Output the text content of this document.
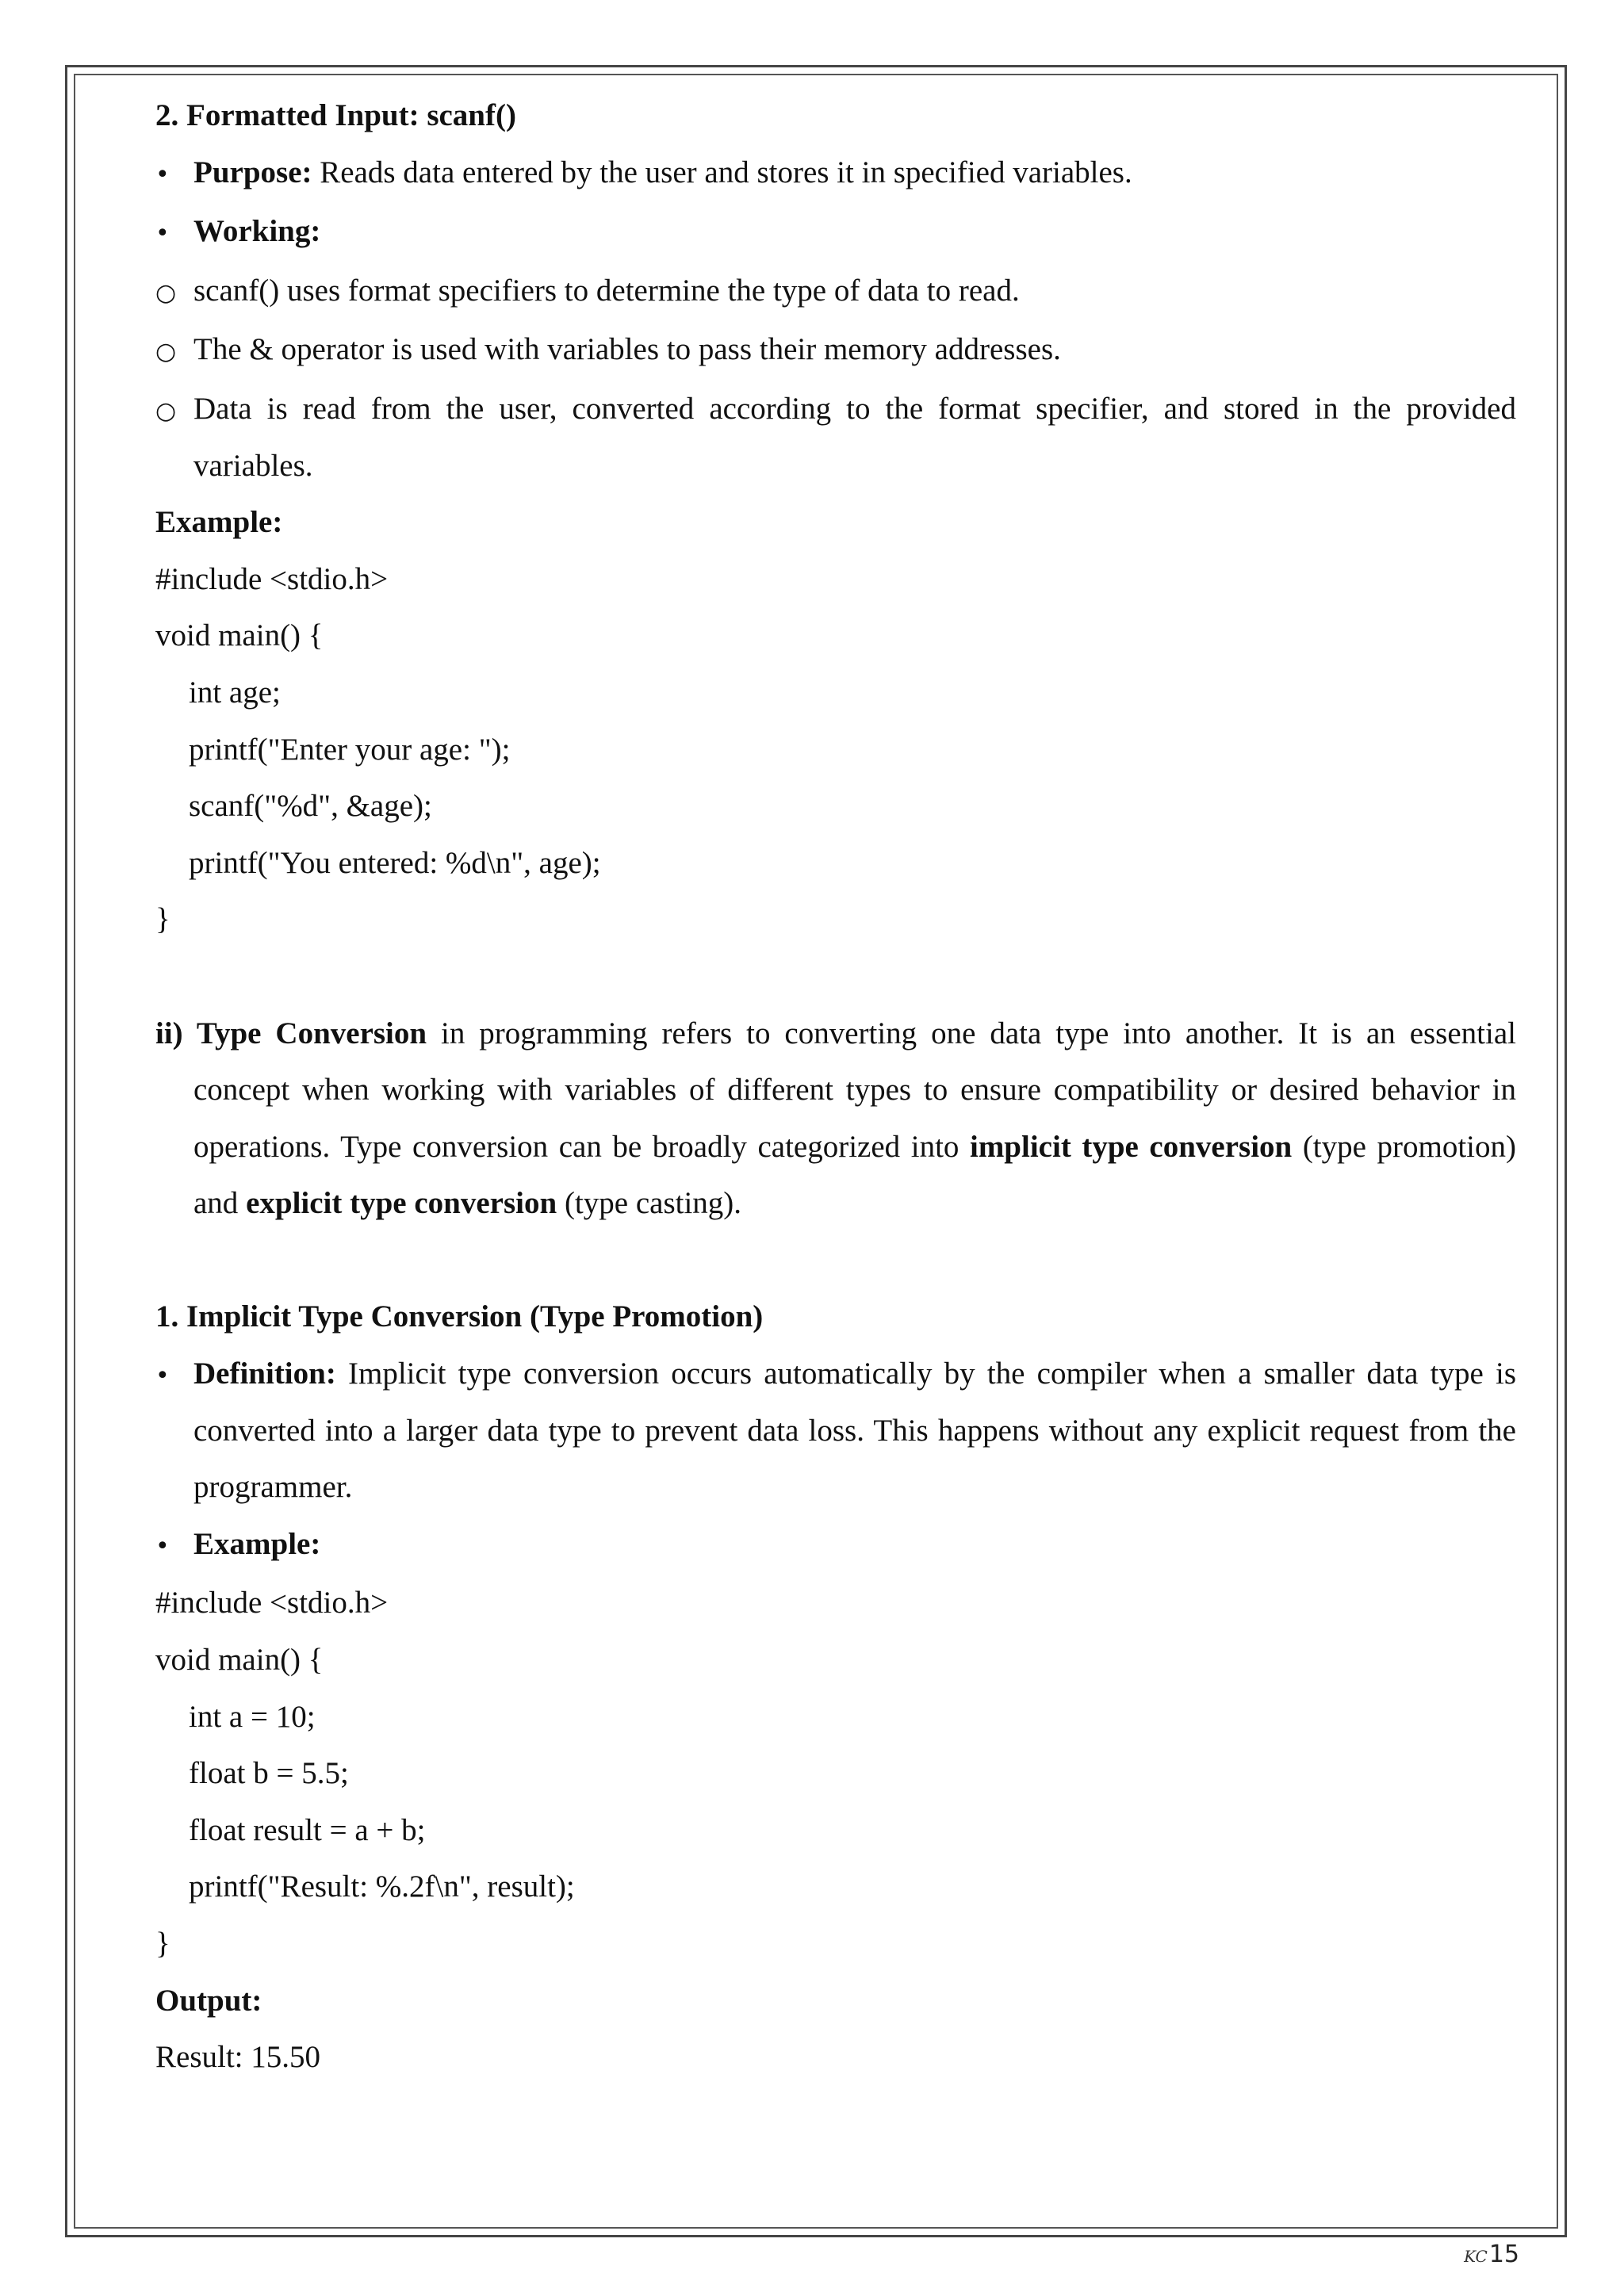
2. Formatted Input: scanf()
• Purpose: Reads data entered by the user and stores it in specified variables.
• Working:
○ scanf() uses format specifiers to determine the type of data to read.
○ The & operator is used with variables to pass their memory addresses.
○ Data is read from the user, converted according to the format specifier, and stored in the provided variables.
Example:
#include <stdio.h>
void main() {
int age;
printf("Enter your age: ");
scanf("%d", &age);
printf("You entered: %d\n", age);
}
ii) Type Conversion in programming refers to converting one data type into another. It is an essential concept when working with variables of different types to ensure compatibility or desired behavior in operations. Type conversion can be broadly categorized into implicit type conversion (type promotion) and explicit type conversion (type casting).
1. Implicit Type Conversion (Type Promotion)
• Definition: Implicit type conversion occurs automatically by the compiler when a smaller data type is converted into a larger data type to prevent data loss. This happens without any explicit request from the programmer.
• Example:
#include <stdio.h>
void main() {
int a = 10;
float b = 5.5;
float result = a + b;
printf("Result: %.2f\n", result);
}
Output:
Result: 15.50
KC 15
